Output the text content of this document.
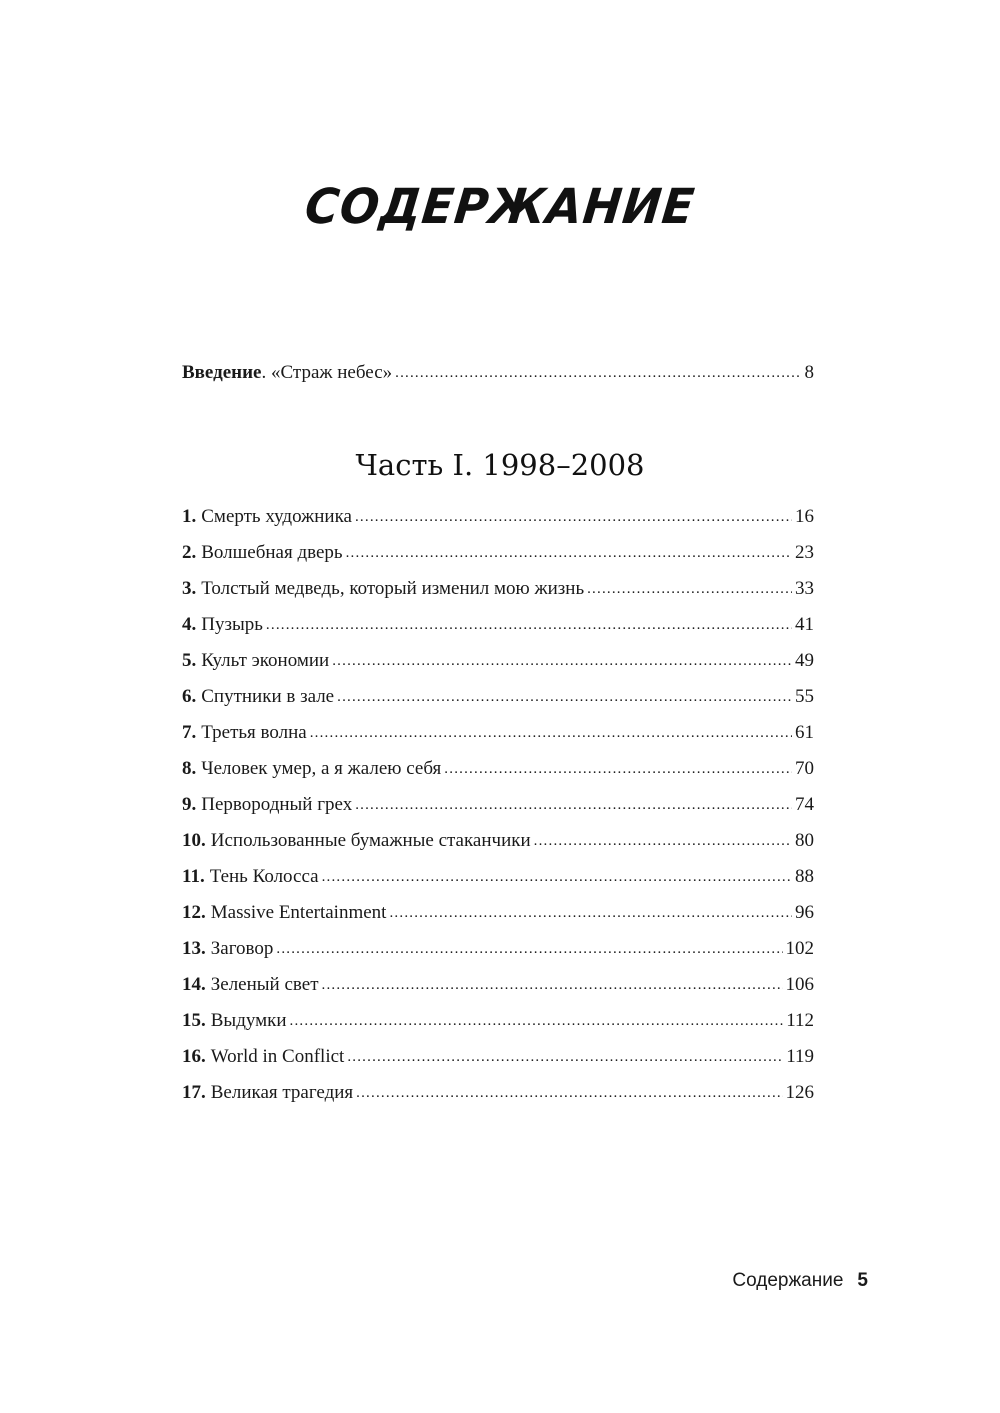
СОДЕРЖАНИЕ
Введение . «Страж небес» .....	8
Часть I. 1998–2008
1. Смерть художника .....	16
2. Волшебная дверь .....	23
3. Толстый медведь, который изменил мою жизнь .....	33
4. Пузырь .....	41
5. Культ экономии .....	49
6. Спутники в зале .....	55
7. Третья волна .....	61
8. Человек умер, а я жалею себя .....	70
9. Первородный грех .....	74
10. Использованные бумажные стаканчики .....	80
11. Тень Колосса .....	88
12. Massive Entertainment .....	96
13. Заговор .....	102
14. Зеленый свет .....	106
15. Выдумки .....	112
16. World in Conflict .....	119
17. Великая трагедия .....	126
Содержание 5
